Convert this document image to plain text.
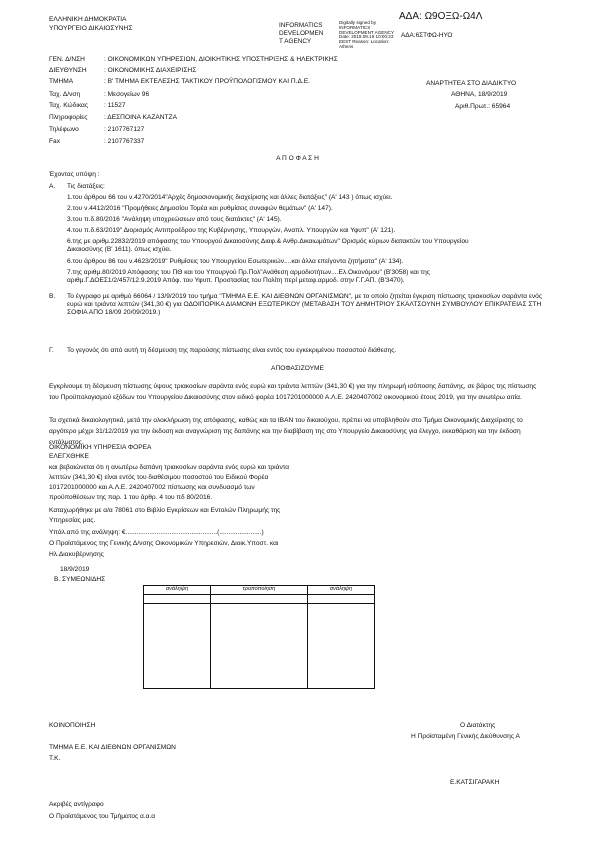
ΕΛΛΗΝΙΚΗ ΔΗΜΟΚΡΑΤΙΑ
ΥΠΟΥΡΓΕΙΟ ΔΙΚΑΙΟΣΥΝΗΣ
ΑΔΑ: Ω9ΟΞΩ-Ω4Λ
INFORMATICS
DEVELOPMEN
T AGENCY
Digitally signed by INFORMATICS DEVELOPMENT AGENCY Date: 2019.09.19 10:00:23 EEST Reason: Location: Athens
ΑΔΑ:6ΣΤΦΩ-ΗΥΟ
ΓΕΝ. Δ/ΝΣΗ	: ΟΙΚΟΝΟΜΙΚΩΝ ΥΠΗΡΕΣΙΩΝ, ΔΙΟΙΚΗΤΙΚΗΣ ΥΠΟΣΤΗΡΙΞΗΣ & ΗΛΕΚΤΡΙΚΗΣ
ΔΙΕΥΘΥΝΣΗ	: ΟΙΚΟΝΟΜΙΚΗΣ ΔΙΑΧΕΙΡΙΣΗΣ
ΤΜΗΜΑ	: Β' ΤΜΗΜΑ ΕΚΤΕΛΕΣΗΣ ΤΑΚΤΙΚΟΥ ΠΡΟΫΠΟΛΟΓΙΣΜΟΥ ΚΑΙ Π.Δ.Ε.
Ταχ. Δ/νση	: Μεσογείων 96
Ταχ. Κώδικας	: 11527
Πληροφορίες	: ΔΕΣΠΟΙΝΑ ΚΑΖΑΝΤΖΑ
Τηλέφωνο	: 2107767127
Fax	: 2107767337
ΑΝΑΡΤΗΤΕΑ ΣΤΟ ΔΙΑΔΙΚΤΥΟ
ΑΘΗΝΑ, 18/9/2019
Αριθ.Πρωτ.: 65964
Α Π Ο Φ Α Σ Η
Έχοντας υπόψη :
Α. Τις διατάξεις:
1.του άρθρου 66 του ν.4270/2014"Αρχές δημοσιονομικής διαχείρισης και άλλες διατάξεις" (Α' 143 ) όπως ισχύει.
2.του ν.4412/2016 "Προμήθειες Δημοσίου Τομέα και ρυθμίσεις συναφών θεμάτων" (Α' 147).
3.του π.δ.80/2016 "Ανάληψη υποχρεώσεων από τους διατάκτες" (Α' 145).
4.του π.δ.63/2019" Διορισμός Αντιπροέδρου της Κυβέρνησης, Υπουργών, Αναπλ. Υπουργών και Υφυπ" (Α' 121).
6.της με αριθμ.22832/2019 απόφασης του Υπουργού Δικαιοσύνης Διαφ.& Ανθρ.Δικαιωμάτων" Ορισμός κύριων διατακτών του Υπουργείου Δικαιοσύνης (Β' 1611). όπως ισχύει.
6.του άρθρου 86 του ν.4623/2019" Ρυθμίσεις του Υπουργείου Εσωτερικών....και άλλα επείγοντα ζητήματα" (Α' 134).
7.της αριθμ.80/2019 Απόφασης του ΠΘ και του Υπουργού Πρ.Πολ"Ανάθεση αρμοδιοτήτων....Ελ.Οικονόμου" (Β'3058) και της αριθμ.Γ.ΔΟΕΣ1/2/457/12.9.2019 Απόφ. του Υφυπ. Προστασίας του Πολίτη περί μεταφ.αρμοδ. στην Γ.Γ.ΑΠ. (Β'3470).
Β. Το έγγραφο με αριθμό 66064 / 13/9/2019 του τμήμα "ΤΜΗΜΑ Ε.Ε. ΚΑΙ ΔΙΕΘΝΩΝ ΟΡΓΑΝΙΣΜΩΝ", με το οποίο ζητείται έγκριση πίστωσης τριακοσίων σαράντα ενός ευρώ και τριάντα λεπτών (341,30 €) για ΟΔΟΙΠΟΡΙΚΑ ΔΙΑΜΟΝΗ ΕΞΩΤΕΡΙΚΟΥ (ΜΕΤΑΒΑΣΗ ΤΟΥ ΔΗΜΗΤΡΙΟΥ ΣΚΑΛΤΣΟΥΝΗ ΣΥΜΒΟΥΛΟΥ ΕΠΙΚΡΑΤΕΙΑΣ ΣΤΗ ΣΟΦΙΑ ΑΠΟ 18/09 20/09/2019.)
Γ. Το γεγονός ότι από αυτή τη δέσμευση της παρούσης πίστωσης είναι εντός του εγκεκριμένου ποσοστού διάθεσης.
ΑΠΟΦΑΣΙΖΟΥΜΕ
Εγκρίνουμε τη δέσμευση πίστωσης ύψους τριακοσίων σαράντα ενός ευρώ και τριάντα λεπτών (341,30 €) για την πληρωμή ισόποσης δαπάνης, σε βάρος της πίστωσης του Προϋπολογισμού εξόδων του Υπουργείου Δικαιοσύνης στον ειδικό φορέα 1017201000000 Α.Λ.Ε. 2420407002 οικονομικού έτους 2019, για την ανωτέρω αιτία.
Τα σχετικά δικαιολογητικά, μετά την ολοκλήρωση της απόφασης, καθώς και τα IBAN του δικαιούχου, πρέπει να υποβληθούν στο Τμήμα Οικονομικής Διαχείρισης το αργότερο μέχρι 31/12/2019 για την έκδοση και αναγνώριση της δαπάνης και την διαβίβαση της στο Υπουργείο Δικαιοσύνης για έλεγχο, εκκαθάριση και την έκδοση εντάλματος.
ΟΙΚΟΝΟΜΙΚΗ ΥΠΗΡΕΣΙΑ ΦΟΡΕΑ
ΕΛΕΓΧΘΗΚΕ
και βεβαιώνεται ότι η ανωτέρω δαπάνη τριακοσίων σαράντα ενός ευρώ και τριάντα
λεπτών (341,30 €) είναι εντός του διαθέσιμου ποσοστού του Ειδικού Φορέα
1017201000000 και Α.Λ.Ε. 2420407002 πίστωσης και συνδυασμό των
προϋποθέσεων της παρ. 1 του άρθρ. 4 του πδ 80/2016.
Καταχωρήθηκε με α/α 78061 στο Βιβλίο Εγκρίσεων και Εντολών Πληρωμής της
Υπηρεσίας μας.
Υπάλ.από της ανάληψη: €..................................................(.......................)
Ο Προϊστάμενος της Γενικής Δ/νσης Οικονομικών Υπηρεσιών, Διοικ.Υποστ. και
Ηλ.Διακυβέρνησης
18/9/2019
Β. ΣΥΜΕΩΝΙΔΗΣ
ανάληψη	τροποποίηση	ανάληψη

ΚΟΙΝΟΠΟΙΗΣΗ
ΤΜΗΜΑ Ε.Ε. ΚΑΙ ΔΙΕΘΝΩΝ ΟΡΓΑΝΙΣΜΩΝ
Τ.Κ.
Ο Διατάκτης
Η Προϊσταμένη Γενικής Διεύθυνσης Α
Ε.ΚΑΤΣΙΓΑΡΑΚΗ
Ακριβές αντίγραφο
Ο Προϊστάμενος του Τμήματος α.α.α
